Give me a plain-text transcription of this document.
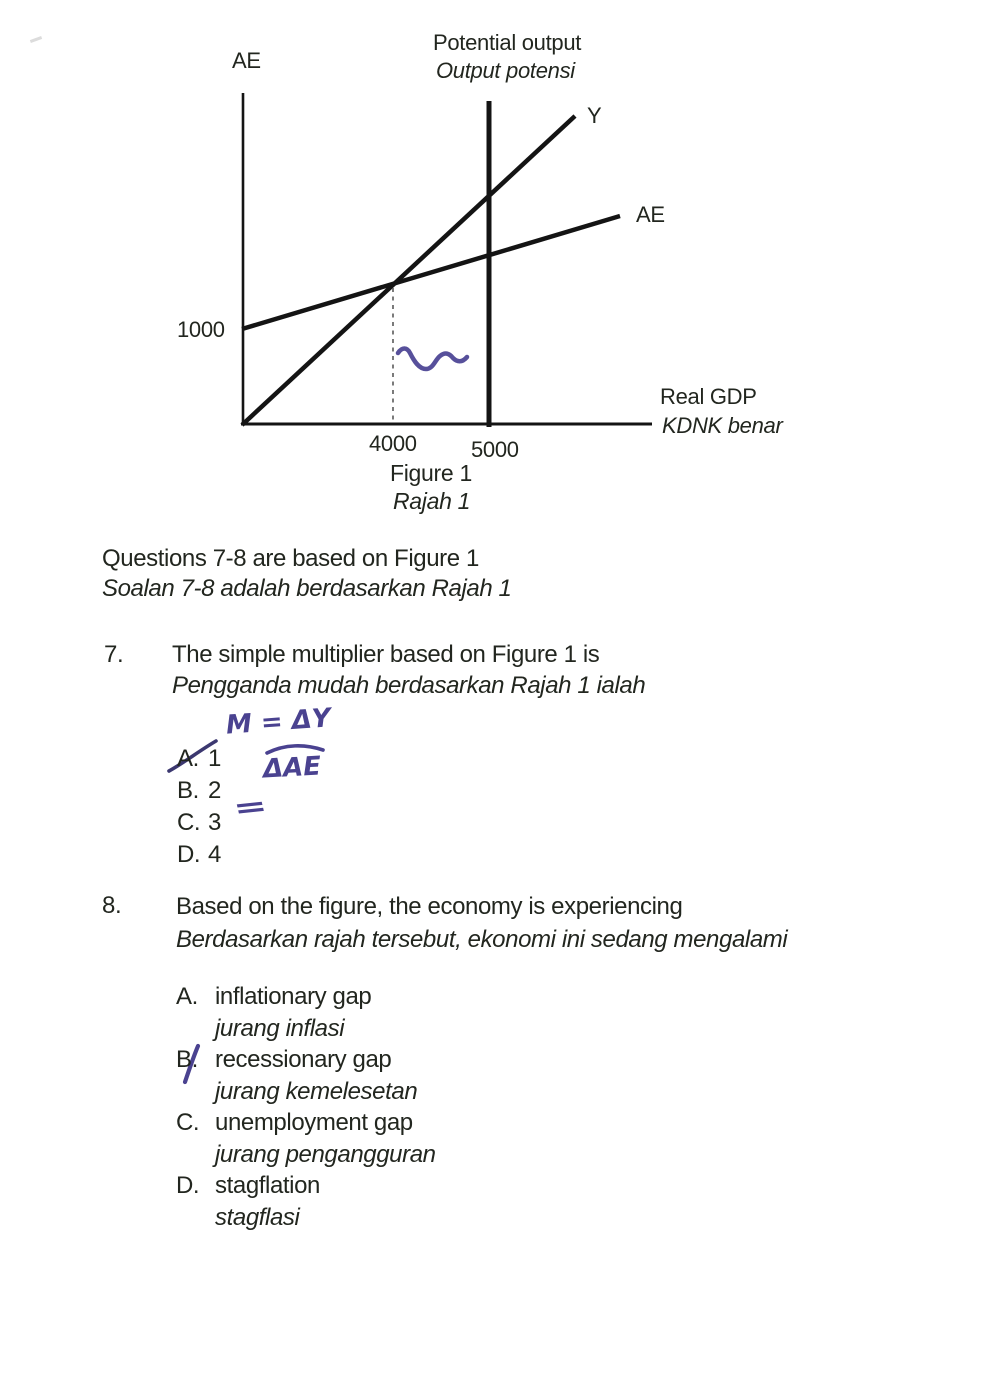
AE
Potential output
Output potensi
Y
AE
1000
4000 5000
Real GDP
KDNK benar
Figure 1
Rajah 1
Questions 7-8 are based on Figure 1
Soalan 7-8 adalah berdasarkan Rajah 1
7. The simple multiplier based on Figure 1 is
Pengganda mudah berdasarkan Rajah 1 ialah
M = ΔY
ΔAE
=
A. 1
B. 2
C. 3
D. 4
8. Based on the figure, the economy is experiencing
Berdasarkan rajah tersebut, ekonomi ini sedang mengalami
A. inflationary gap
jurang inflasi
B. recessionary gap
jurang kemelesetan
C. unemployment gap
jurang pengangguran
D. stagflation
stagflasi
